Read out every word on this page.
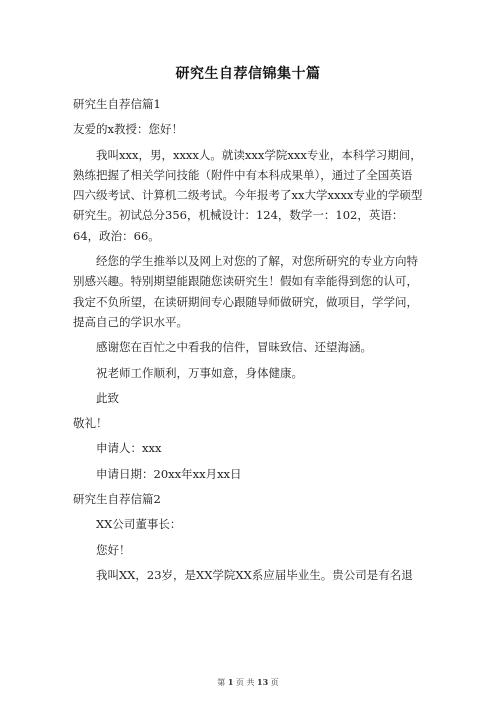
研究生自荐信锦集十篇

研究生自荐信篇1

友爱的x教授：您好！

我叫xxx，男，xxxx人。就读xxx学院xxx专业，本科学习期间，熟练把握了相关学问技能（附件中有本科成果单），通过了全国英语四六级考试、计算机二级考试。今年报考了xx大学xxxx专业的学硕型研究生。初试总分356，机械设计：124，数学一：102，英语：64，政治：66。

经您的学生推举以及网上对您的了解，对您所研究的专业方向特别感兴趣。特别期望能跟随您读研究生！假如有幸能得到您的认可，我定不负所望，在读研期间专心跟随导师做研究，做项目，学学问，提高自己的学识水平。

感谢您在百忙之中看我的信件，冒昧致信、还望海涵。

祝老师工作顺利，万事如意，身体健康。

此致

敬礼！

申请人：xxx

申请日期：20xx年xx月xx日

研究生自荐信篇2

XX公司董事长：

您好！

我叫XX，23岁，是XX学院XX系应届毕业生。贵公司是有名退

第 1 页 共 13 页
